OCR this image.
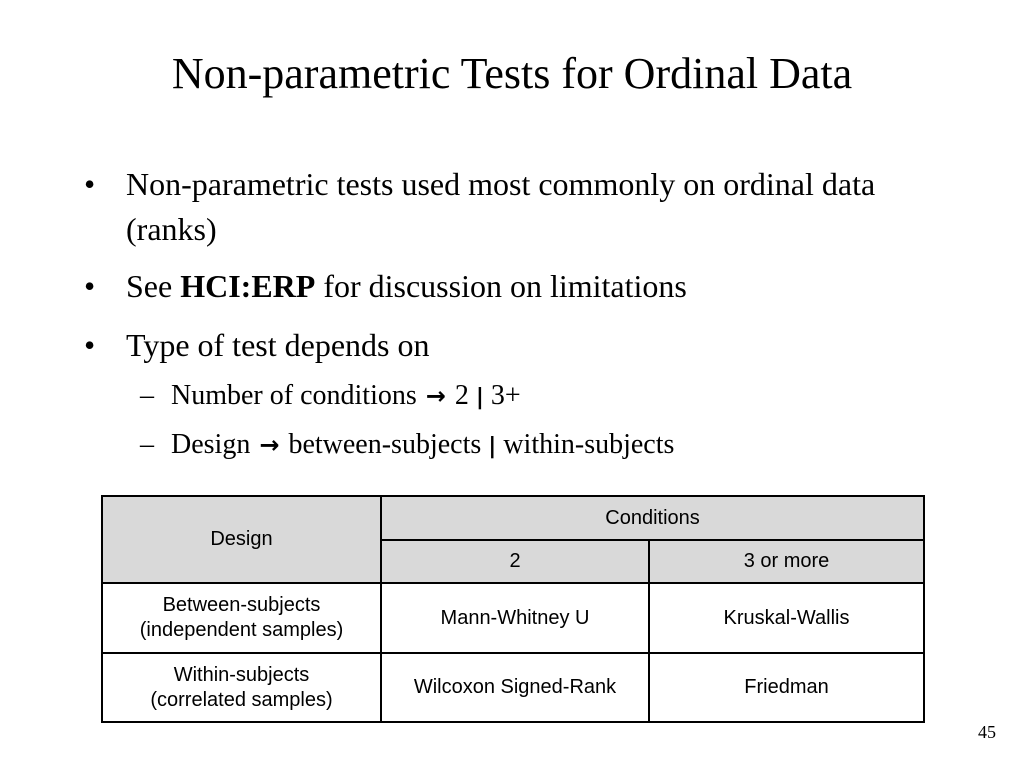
Non-parametric Tests for Ordinal Data
• Non-parametric tests used most commonly on ordinal data (ranks)
• See HCI:ERP for discussion on limitations
• Type of test depends on
– Number of conditions → 2 | 3+
– Design → between-subjects | within-subjects
Design	Conditions	
	2	3 or more

Between-subjects
(independent samples)	Mann-Whitney U	Kruskal-Wallis

Within-subjects
(correlated samples)	Wilcoxon Signed-Rank	Friedman
45
